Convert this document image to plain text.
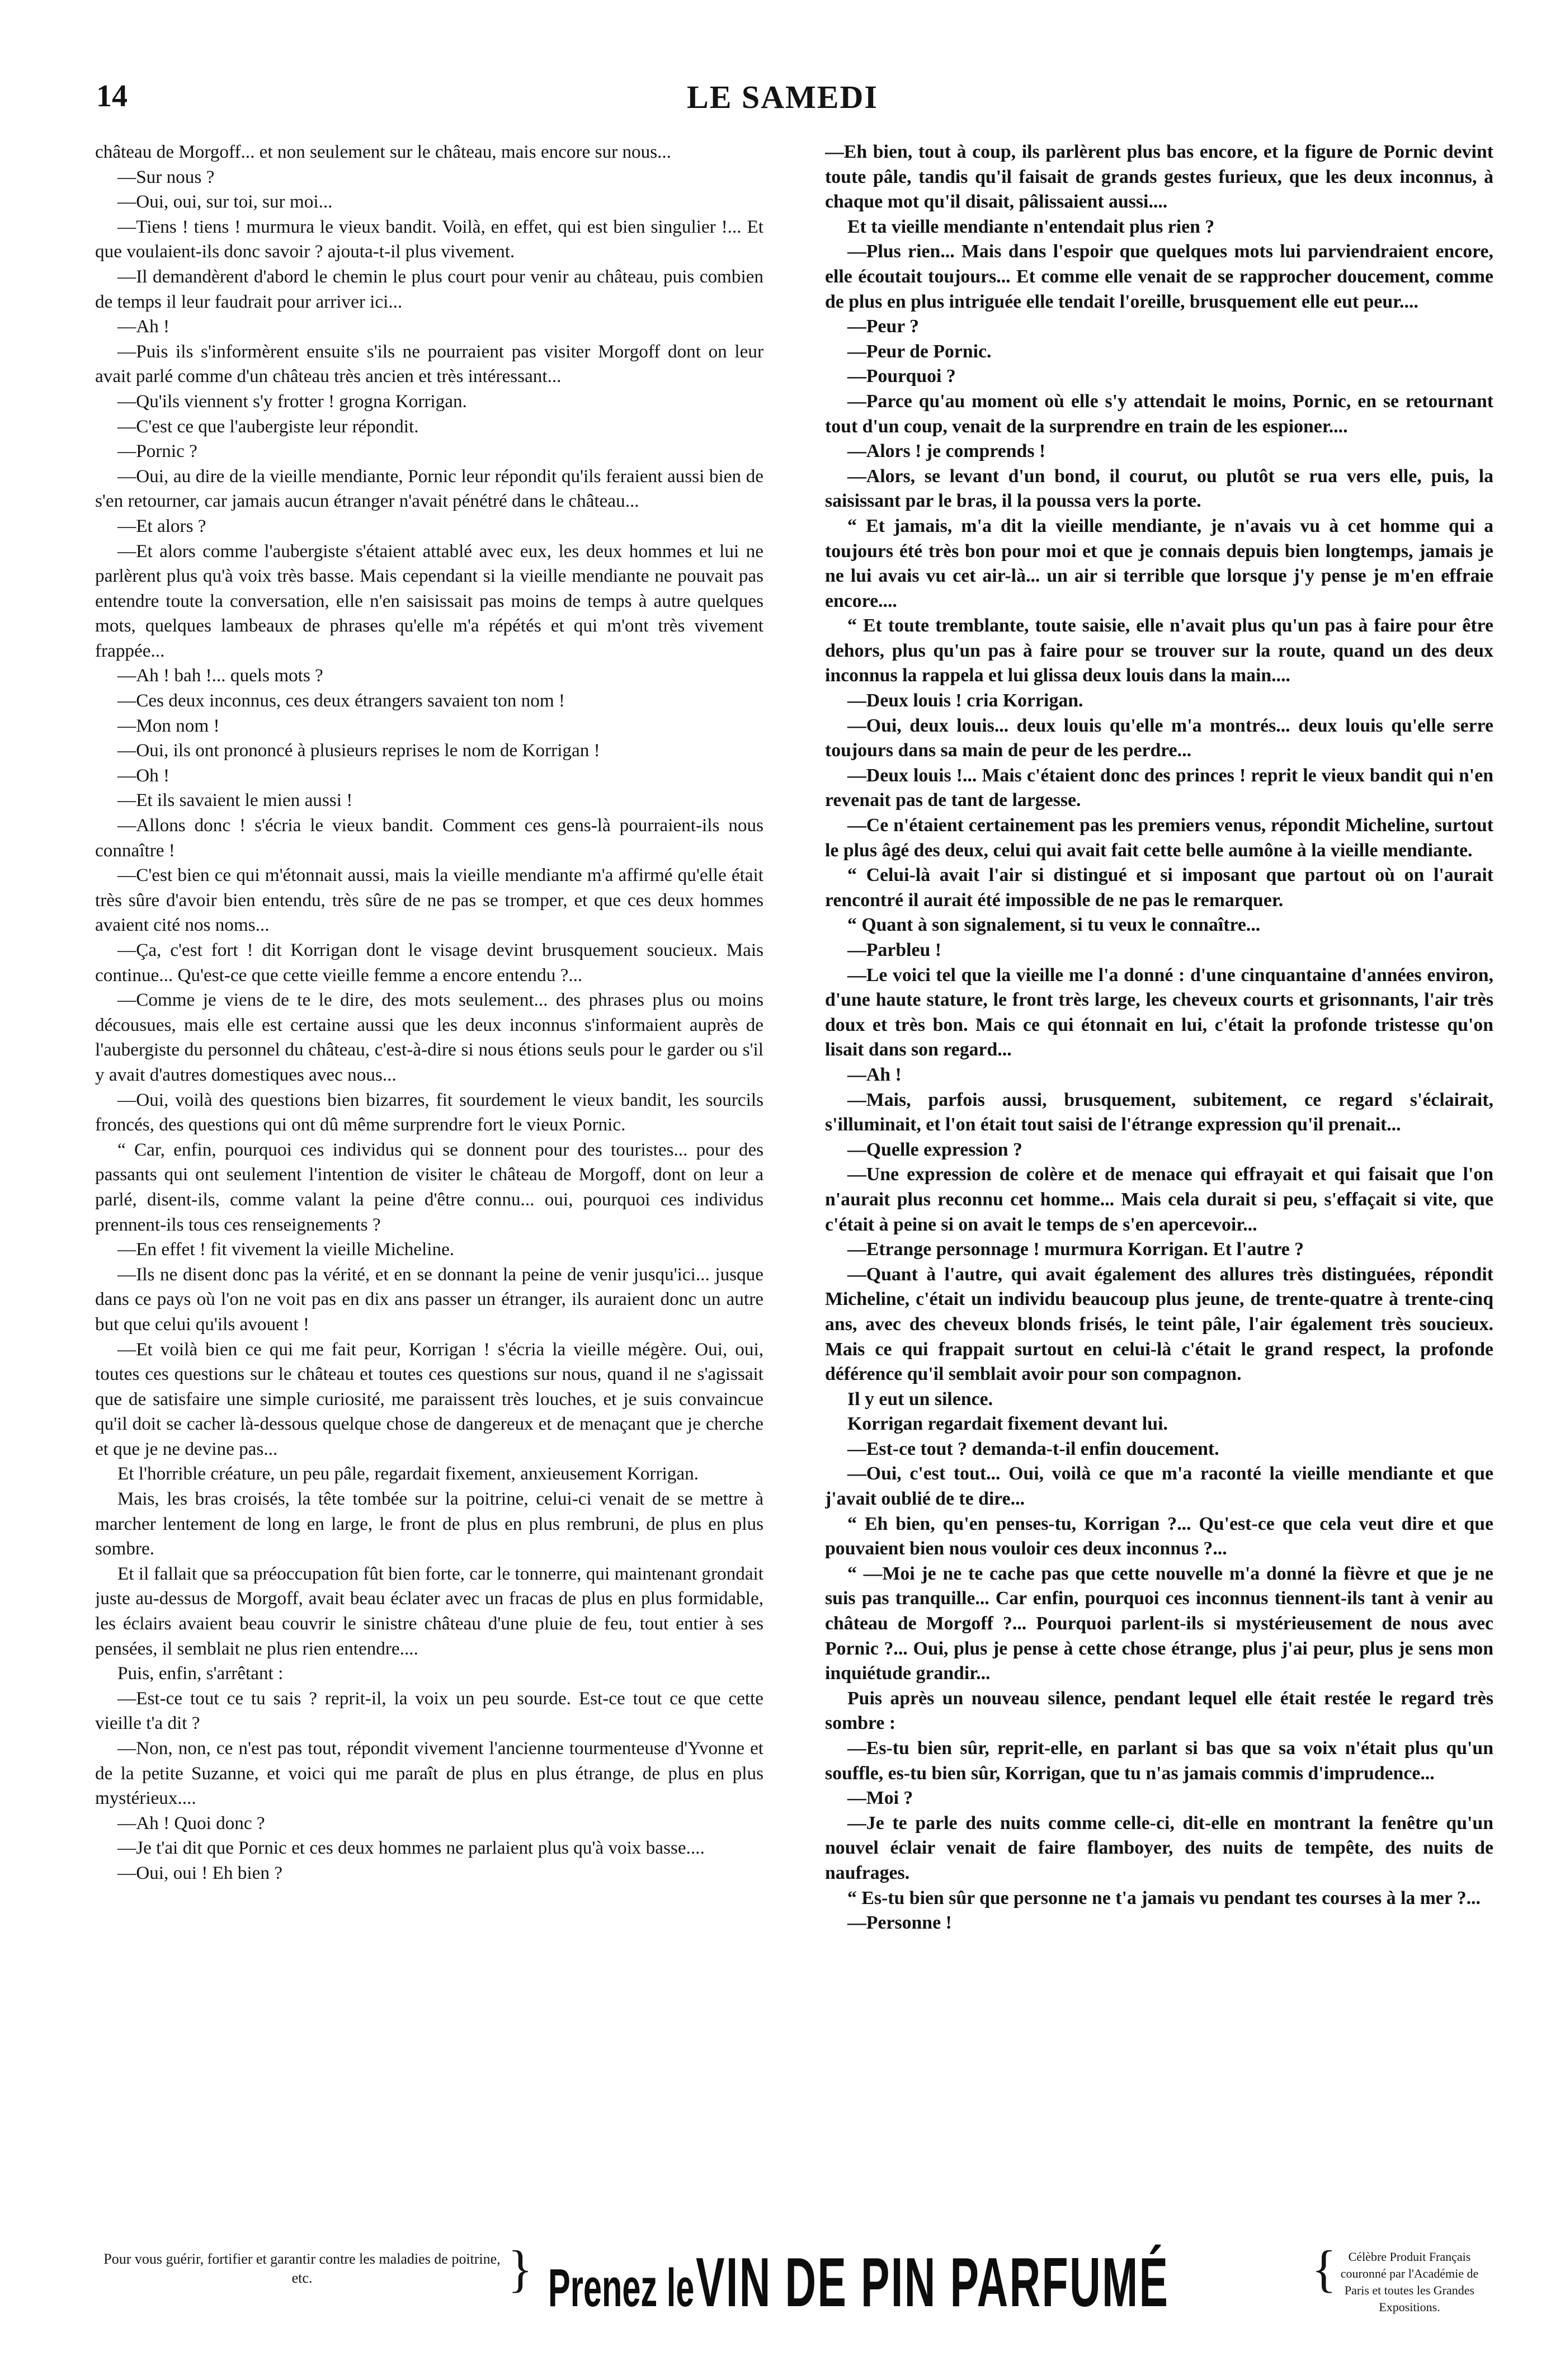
14	LE SAMEDI

château de Morgoff... et non seulement sur le château, mais encore sur nous...

—Sur nous ?

—Oui, oui, sur toi, sur moi...

—Tiens ! tiens ! murmura le vieux bandit. Voilà, en effet, qui est bien singulier !... Et que voulaient-ils donc savoir ? ajouta-t-il plus vivement.

—Il demandèrent d'abord le chemin le plus court pour venir au château, puis combien de temps il leur faudrait pour arriver ici...

—Ah !

—Puis ils s'informèrent ensuite s'ils ne pourraient pas visiter Morgoff dont on leur avait parlé comme d'un château très ancien et très intéressant...

—Qu'ils viennent s'y frotter ! grogna Korrigan.

—C'est ce que l'aubergiste leur répondit.

—Pornic ?

—Oui, au dire de la vieille mendiante, Pornic leur répondit qu'ils feraient aussi bien de s'en retourner, car jamais aucun étranger n'avait pénétré dans le château...

—Et alors ?

—Et alors comme l'aubergiste s'étaient attablé avec eux, les deux hommes et lui ne parlèrent plus qu'à voix très basse. Mais cependant si la vieille mendiante ne pouvait pas entendre toute la conversation, elle n'en saisissait pas moins de temps à autre quelques mots, quelques lambeaux de phrases qu'elle m'a répétés et qui m'ont très vivement frappée...

—Ah ! bah !... quels mots ?

—Ces deux inconnus, ces deux étrangers savaient ton nom !

—Mon nom !

—Oui, ils ont prononcé à plusieurs reprises le nom de Korrigan !

—Oh !

—Et ils savaient le mien aussi !

—Allons donc ! s'écria le vieux bandit. Comment ces gens-là pourraient-ils nous connaître !

—C'est bien ce qui m'étonnait aussi, mais la vieille mendiante m'a affirmé qu'elle était très sûre d'avoir bien entendu, très sûre de ne pas se tromper, et que ces deux hommes avaient cité nos noms...

—Ça, c'est fort ! dit Korrigan dont le visage devint brusquement soucieux. Mais continue... Qu'est-ce que cette vieille femme a encore entendu ?...

—Comme je viens de te le dire, des mots seulement... des phrases plus ou moins décousues, mais elle est certaine aussi que les deux inconnus s'informaient auprès de l'aubergiste du personnel du château, c'est-à-dire si nous étions seuls pour le garder ou s'il y avait d'autres domestiques avec nous...

—Oui, voilà des questions bien bizarres, fit sourdement le vieux bandit, les sourcils froncés, des questions qui ont dû même surprendre fort le vieux Pornic.

“ Car, enfin, pourquoi ces individus qui se donnent pour des touristes... pour des passants qui ont seulement l'intention de visiter le château de Morgoff, dont on leur a parlé, disent-ils, comme valant la peine d'être connu... oui, pourquoi ces individus prennent-ils tous ces renseignements ?

—En effet ! fit vivement la vieille Micheline.

—Ils ne disent donc pas la vérité, et en se donnant la peine de venir jusqu'ici... jusque dans ce pays où l'on ne voit pas en dix ans passer un étranger, ils auraient donc un autre but que celui qu'ils avouent !

—Et voilà bien ce qui me fait peur, Korrigan ! s'écria la vieille mégère. Oui, oui, toutes ces questions sur le château et toutes ces questions sur nous, quand il ne s'agissait que de satisfaire une simple curiosité, me paraissent très louches, et je suis convaincue qu'il doit se cacher là-dessous quelque chose de dangereux et de menaçant que je cherche et que je ne devine pas...

Et l'horrible créature, un peu pâle, regardait fixement, anxieusement Korrigan.

Mais, les bras croisés, la tête tombée sur la poitrine, celui-ci venait de se mettre à marcher lentement de long en large, le front de plus en plus rembruni, de plus en plus sombre.

Et il fallait que sa préoccupation fût bien forte, car le tonnerre, qui maintenant grondait juste au-dessus de Morgoff, avait beau éclater avec un fracas de plus en plus formidable, les éclairs avaient beau couvrir le sinistre château d'une pluie de feu, tout entier à ses pensées, il semblait ne plus rien entendre....

Puis, enfin, s'arrêtant :

—Est-ce tout ce tu sais ? reprit-il, la voix un peu sourde. Est-ce tout ce que cette vieille t'a dit ?

—Non, non, ce n'est pas tout, répondit vivement l'ancienne tourmenteuse d'Yvonne et de la petite Suzanne, et voici qui me paraît de plus en plus étrange, de plus en plus mystérieux....

—Ah ! Quoi donc ?

—Je t'ai dit que Pornic et ces deux hommes ne parlaient plus qu'à voix basse....

—Oui, oui ! Eh bien ?

—Eh bien, tout à coup, ils parlèrent plus bas encore, et la figure de Pornic devint toute pâle, tandis qu'il faisait de grands gestes furieux, que les deux inconnus, à chaque mot qu'il disait, pâlissaient aussi....

Et ta vieille mendiante n'entendait plus rien ?

—Plus rien... Mais dans l'espoir que quelques mots lui parviendraient encore, elle écoutait toujours... Et comme elle venait de se rapprocher doucement, comme de plus en plus intriguée elle tendait l'oreille, brusquement elle eut peur....

—Peur ?

—Peur de Pornic.

—Pourquoi ?

—Parce qu'au moment où elle s'y attendait le moins, Pornic, en se retournant tout d'un coup, venait de la surprendre en train de les espioner....

—Alors ! je comprends !

—Alors, se levant d'un bond, il courut, ou plutôt se rua vers elle, puis, la saisissant par le bras, il la poussa vers la porte.

“ Et jamais, m'a dit la vieille mendiante, je n'avais vu à cet homme qui a toujours été très bon pour moi et que je connais depuis bien longtemps, jamais je ne lui avais vu cet air-là... un air si terrible que lorsque j'y pense je m'en effraie encore....

“ Et toute tremblante, toute saisie, elle n'avait plus qu'un pas à faire pour être dehors, plus qu'un pas à faire pour se trouver sur la route, quand un des deux inconnus la rappela et lui glissa deux louis dans la main....

—Deux louis ! cria Korrigan.

—Oui, deux louis... deux louis qu'elle m'a montrés... deux louis qu'elle serre toujours dans sa main de peur de les perdre...

—Deux louis !... Mais c'étaient donc des princes ! reprit le vieux bandit qui n'en revenait pas de tant de largesse.

—Ce n'étaient certainement pas les premiers venus, répondit Micheline, surtout le plus âgé des deux, celui qui avait fait cette belle aumône à la vieille mendiante.

“ Celui-là avait l'air si distingué et si imposant que partout où on l'aurait rencontré il aurait été impossible de ne pas le remarquer.

“ Quant à son signalement, si tu veux le connaître...

—Parbleu !

—Le voici tel que la vieille me l'a donné : d'une cinquantaine d'années environ, d'une haute stature, le front très large, les cheveux courts et grisonnants, l'air très doux et très bon. Mais ce qui étonnait en lui, c'était la profonde tristesse qu'on lisait dans son regard...

—Ah !

—Mais, parfois aussi, brusquement, subitement, ce regard s'éclairait, s'illuminait, et l'on était tout saisi de l'étrange expression qu'il prenait...

—Quelle expression ?

—Une expression de colère et de menace qui effrayait et qui faisait que l'on n'aurait plus reconnu cet homme... Mais cela durait si peu, s'effaçait si vite, que c'était à peine si on avait le temps de s'en apercevoir...

—Etrange personnage ! murmura Korrigan. Et l'autre ?

—Quant à l'autre, qui avait également des allures très distinguées, répondit Micheline, c'était un individu beaucoup plus jeune, de trente-quatre à trente-cinq ans, avec des cheveux blonds frisés, le teint pâle, l'air également très soucieux. Mais ce qui frappait surtout en celui-là c'était le grand respect, la profonde déférence qu'il semblait avoir pour son compagnon.

Il y eut un silence.

Korrigan regardait fixement devant lui.

—Est-ce tout ? demanda-t-il enfin doucement.

—Oui, c'est tout... Oui, voilà ce que m'a raconté la vieille mendiante et que j'avait oublié de te dire...

“ Eh bien, qu'en penses-tu, Korrigan ?... Qu'est-ce que cela veut dire et que pouvaient bien nous vouloir ces deux inconnus ?...

“ —Moi je ne te cache pas que cette nouvelle m'a donné la fièvre et que je ne suis pas tranquille... Car enfin, pourquoi ces inconnus tiennent-ils tant à venir au château de Morgoff ?... Pourquoi parlent-ils si mystérieusement de nous avec Pornic ?... Oui, plus je pense à cette chose étrange, plus j'ai peur, plus je sens mon inquiétude grandir...

Puis après un nouveau silence, pendant lequel elle était restée le regard très sombre :

—Es-tu bien sûr, reprit-elle, en parlant si bas que sa voix n'était plus qu'un souffle, es-tu bien sûr, Korrigan, que tu n'as jamais commis d'imprudence...

—Moi ?

—Je te parle des nuits comme celle-ci, dit-elle en montrant la fenêtre qu'un nouvel éclair venait de faire flamboyer, des nuits de tempête, des nuits de naufrages.

“ Es-tu bien sûr que personne ne t'a jamais vu pendant tes courses à la mer ?...

—Personne !

Pour vous guérir, fortifier et garantir contre les maladies de poitrine, etc.	} Prenez le VIN DE PIN PARFUMÉ	{ Célèbre Produit Français couronné par l'Académie de Paris et toutes les Grandes Expositions.
